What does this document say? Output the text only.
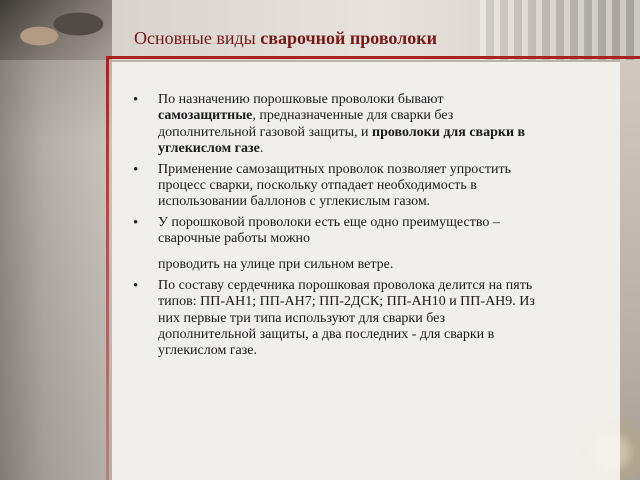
Основные виды сварочной проволоки
• По назначению порошковые проволоки бывают самозащитные, предназначенные для сварки без дополнительной газовой защиты, и проволоки для сварки в углекислом газе.
• Применение самозащитных проволок позволяет упростить процесс сварки, поскольку отпадает необходимость в использовании баллонов с углекислым газом.
• У порошковой проволоки есть еще одно преимущество – сварочные работы можно
проводить на улице при сильном ветре.
• По составу сердечника порошковая проволока делится на пять типов: ПП-АН1; ПП-АН7; ПП-2ДСК; ПП-АН10 и ПП-АН9. Из них первые три типа используют для сварки без дополнительной защиты, а два последних - для сварки в углекислом газе.
